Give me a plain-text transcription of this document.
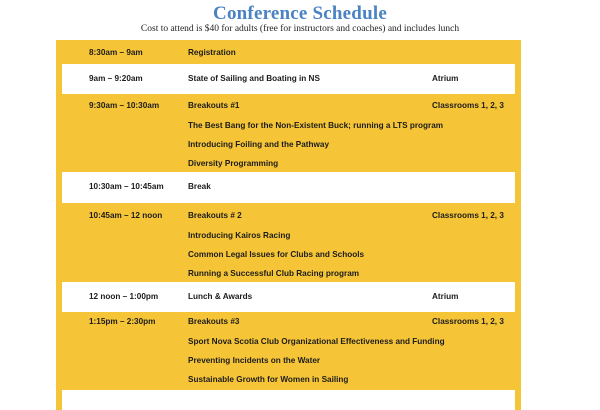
Conference Schedule
Cost to attend is $40 for adults (free for instructors and coaches) and includes lunch
8:30am – 9am	Registration
9am – 9:20am	State of Sailing and Boating in NS	Atrium
9:30am – 10:30am	Breakouts #1	Classrooms 1, 2, 3
The Best Bang for the Non-Existent Buck; running a LTS program
Introducing Foiling and the Pathway
Diversity Programming
10:30am – 10:45am	Break
10:45am – 12 noon	Breakouts # 2	Classrooms 1, 2, 3
Introducing Kairos Racing
Common Legal Issues for Clubs and Schools
Running a Successful Club Racing program
12 noon – 1:00pm	Lunch & Awards	Atrium
1:15pm – 2:30pm	Breakouts #3	Classrooms 1, 2, 3
Sport Nova Scotia Club Organizational Effectiveness and Funding
Preventing Incidents on the Water
Sustainable Growth for Women in Sailing
